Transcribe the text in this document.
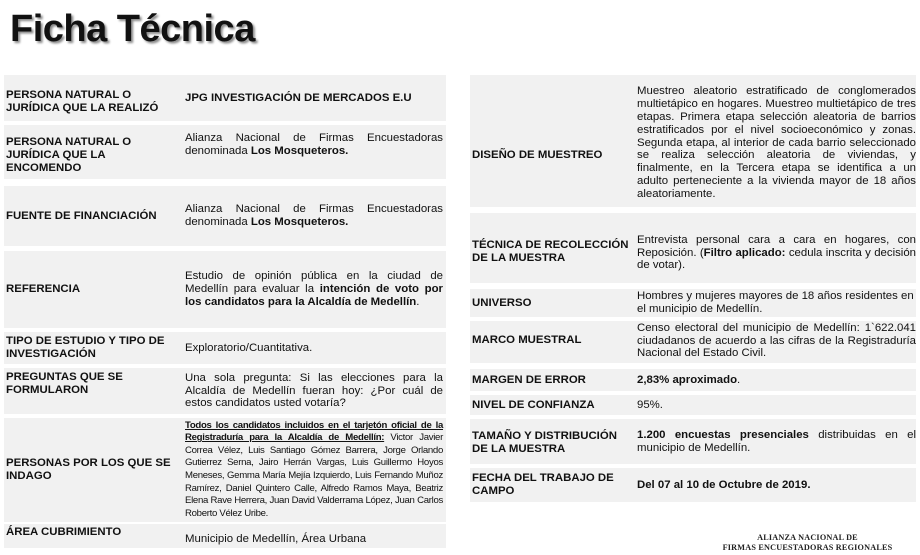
Ficha Técnica
PERSONA NATURAL O JURÍDICA QUE LA REALIZÓ
JPG INVESTIGACIÓN DE MERCADOS E.U
PERSONA NATURAL O JURÍDICA QUE LA ENCOMENDO
Alianza Nacional de Firmas Encuestadoras denominada Los Mosqueteros.
FUENTE DE FINANCIACIÓN
Alianza Nacional de Firmas Encuestadoras denominada Los Mosqueteros.
REFERENCIA
Estudio de opinión pública en la ciudad de Medellín para evaluar la intención de voto por los candidatos para la Alcaldía de Medellín.
TIPO DE ESTUDIO Y TIPO DE INVESTIGACIÓN
Exploratorio/Cuantitativa.
PREGUNTAS QUE SE FORMULARON
Una sola pregunta: Si las elecciones para la Alcaldía de Medellín fueran hoy: ¿Por cuál de estos candidatos usted votaría?
PERSONAS POR LOS QUE SE INDAGO
Todos los candidatos incluidos en el tarjetón oficial de la Registraduría para la Alcaldía de Medellín: Victor Javier Correa Vélez, Luis Santiago Gómez Barrera, Jorge Orlando Gutierrez Serna, Jairo Herrán Vargas, Luis Guillermo Hoyos Meneses, Gemma María Mejía Izquierdo, Luis Fernando Muñoz Ramírez, Daniel Quintero Calle, Alfredo Ramos Maya, Beatriz Elena Rave Herrera, Juan David Valderrama López, Juan Carlos Roberto Vélez Uribe.
ÁREA CUBRIMIENTO
Municipio de Medellín, Área Urbana
DISEÑO DE MUESTREO
Muestreo aleatorio estratificado de conglomerados multietápico en hogares. Muestreo multietápico de tres etapas. Primera etapa selección aleatoria de barrios estratificados por el nivel socioeconómico y zonas. Segunda etapa, al interior de cada barrio seleccionado se realiza selección aleatoria de viviendas, y finalmente, en la Tercera etapa se identifica a un adulto perteneciente a la vivienda mayor de 18 años aleatoriamente.
TÉCNICA DE RECOLECCIÓN DE LA MUESTRA
Entrevista personal cara a cara en hogares, con Reposición. (Filtro aplicado: cedula inscrita y decisión de votar).
UNIVERSO
Hombres y mujeres mayores de 18 años residentes en el municipio de Medellín.
MARCO MUESTRAL
Censo electoral del municipio de Medellín: 1`622.041 ciudadanos de acuerdo a las cifras de la Registraduría Nacional del Estado Civil.
MARGEN DE ERROR	2,83% aproximado.
NIVEL DE CONFIANZA	95%.
TAMAÑO Y DISTRIBUCIÓN DE LA MUESTRA
1.200 encuestas presenciales distribuidas en el municipio de Medellín.
FECHA DEL TRABAJO DE CAMPO
Del 07 al 10 de Octubre de 2019.
ALIANZA NACIONAL DE
FIRMAS ENCUESTADORAS REGIONALES
